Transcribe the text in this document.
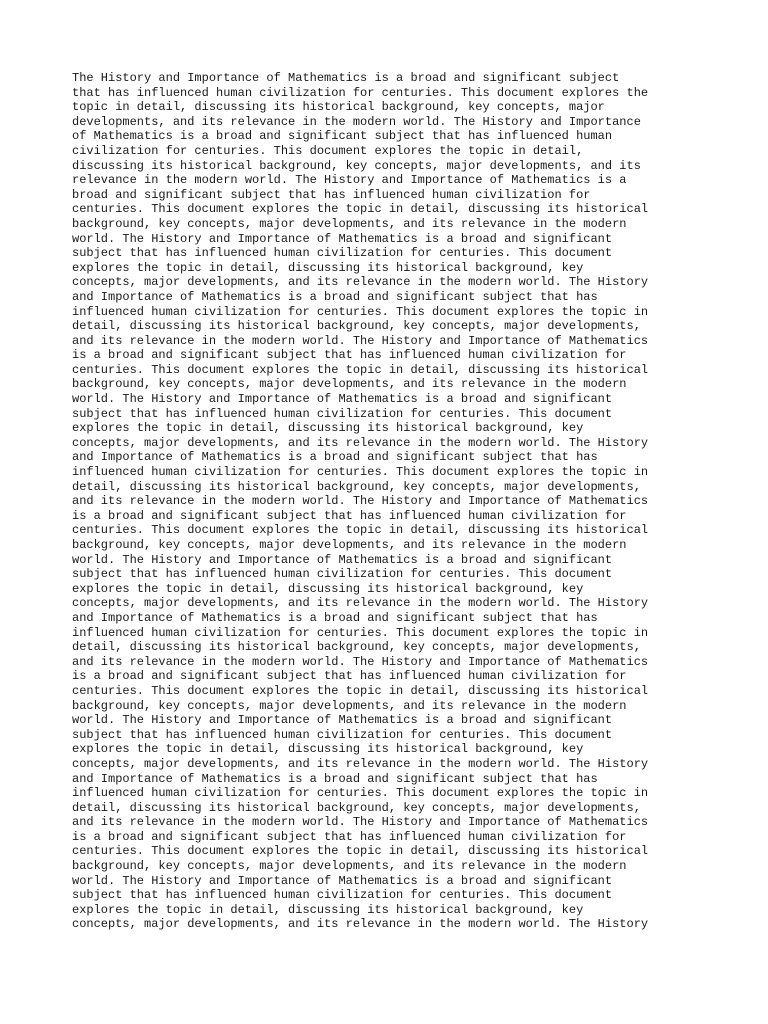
The History and Importance of Mathematics is a broad and significant subject
that has influenced human civilization for centuries. This document explores the
topic in detail, discussing its historical background, key concepts, major
developments, and its relevance in the modern world. The History and Importance
of Mathematics is a broad and significant subject that has influenced human
civilization for centuries. This document explores the topic in detail,
discussing its historical background, key concepts, major developments, and its
relevance in the modern world. The History and Importance of Mathematics is a
broad and significant subject that has influenced human civilization for
centuries. This document explores the topic in detail, discussing its historical
background, key concepts, major developments, and its relevance in the modern
world. The History and Importance of Mathematics is a broad and significant
subject that has influenced human civilization for centuries. This document
explores the topic in detail, discussing its historical background, key
concepts, major developments, and its relevance in the modern world. The History
and Importance of Mathematics is a broad and significant subject that has
influenced human civilization for centuries. This document explores the topic in
detail, discussing its historical background, key concepts, major developments,
and its relevance in the modern world. The History and Importance of Mathematics
is a broad and significant subject that has influenced human civilization for
centuries. This document explores the topic in detail, discussing its historical
background, key concepts, major developments, and its relevance in the modern
world. The History and Importance of Mathematics is a broad and significant
subject that has influenced human civilization for centuries. This document
explores the topic in detail, discussing its historical background, key
concepts, major developments, and its relevance in the modern world. The History
and Importance of Mathematics is a broad and significant subject that has
influenced human civilization for centuries. This document explores the topic in
detail, discussing its historical background, key concepts, major developments,
and its relevance in the modern world. The History and Importance of Mathematics
is a broad and significant subject that has influenced human civilization for
centuries. This document explores the topic in detail, discussing its historical
background, key concepts, major developments, and its relevance in the modern
world. The History and Importance of Mathematics is a broad and significant
subject that has influenced human civilization for centuries. This document
explores the topic in detail, discussing its historical background, key
concepts, major developments, and its relevance in the modern world. The History
and Importance of Mathematics is a broad and significant subject that has
influenced human civilization for centuries. This document explores the topic in
detail, discussing its historical background, key concepts, major developments,
and its relevance in the modern world. The History and Importance of Mathematics
is a broad and significant subject that has influenced human civilization for
centuries. This document explores the topic in detail, discussing its historical
background, key concepts, major developments, and its relevance in the modern
world. The History and Importance of Mathematics is a broad and significant
subject that has influenced human civilization for centuries. This document
explores the topic in detail, discussing its historical background, key
concepts, major developments, and its relevance in the modern world. The History
and Importance of Mathematics is a broad and significant subject that has
influenced human civilization for centuries. This document explores the topic in
detail, discussing its historical background, key concepts, major developments,
and its relevance in the modern world. The History and Importance of Mathematics
is a broad and significant subject that has influenced human civilization for
centuries. This document explores the topic in detail, discussing its historical
background, key concepts, major developments, and its relevance in the modern
world. The History and Importance of Mathematics is a broad and significant
subject that has influenced human civilization for centuries. This document
explores the topic in detail, discussing its historical background, key
concepts, major developments, and its relevance in the modern world. The History
